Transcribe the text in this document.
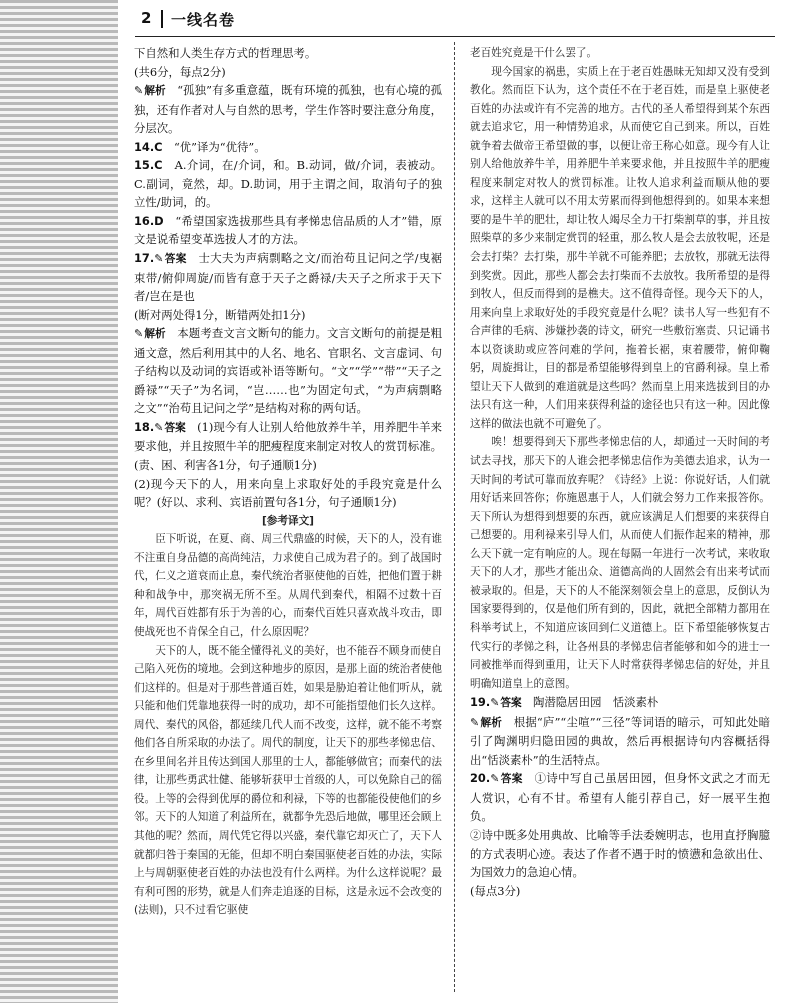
2 一线名卷

下自然和人类生存方式的哲理思考。

(共6分，每点2分)

✎解析　 “孤独”有多重意蕴，既有环境的孤独，也有心境的孤独，还有作者对人与自然的思考，学生作答时要注意分角度，分层次。

14.C　 “优”译为“优待”。

15.C　 A.介词，在/介词，和。B.动词，做/介词，表被动。C.副词，竟然，却。D.助词，用于主谓之间，取消句子的独立性/助词，的。

16.D　 “希望国家选拔那些具有孝悌忠信品质的人才”错，原文是说希望变革选拔人才的方法。

17.✎答案　 士大夫为声病剽略之文/而治苟且记问之学/曳裾束带/俯仰周旋/而皆有意于天子之爵禄/夫天子之所求于天下者/岂在是也

(断对两处得1分，断错两处扣1分)

✎解析　 本题考查文言文断句的能力。文言文断句的前提是粗通文意，然后利用其中的人名、地名、官职名、文言虚词、句子结构以及动词的宾语或补语等断句。“文”“学”“带”“天子之爵禄”“天子”为名词，“岂……也”为固定句式，“为声病剽略之文”“治苟且记问之学”是结构对称的两句话。

18.✎答案　 (1)现今有人让别人给他放养牛羊，用养肥牛羊来要求他，并且按照牛羊的肥瘦程度来制定对牧人的赏罚标准。(责、困、利害各1分，句子通顺1分)

(2)现今天下的人，用来向皇上求取好处的手段究竟是什么呢？(好以、求利、宾语前置句各1分，句子通顺1分)

[参考译文]

臣下听说，在夏、商、周三代鼎盛的时候，天下的人，没有谁不注重自身品德的高尚纯洁，力求使自己成为君子的。到了战国时代，仁义之道衰而止息，秦代统治者驱使他的百姓，把他们置于耕种和战争中，那突祸无所不至。从周代到秦代，相隔不过数十百年，周代百姓都有乐于为善的心，而秦代百姓只喜欢战斗攻击，即使战死也不肯保全自己，什么原因呢？

天下的人，既不能全懂得礼义的美好，也不能吞不顾身而使自己陷入死伤的境地。会到这种地步的原因，是那上面的统治者使他们这样的。但是对于那些普通百姓，如果是胁迫着让他们听从，就只能和他们凭靠地获得一时的成功，却不可能指望他们长久这样。周代、秦代的风俗，都延续几代人而不改变，这样，就不能不考察他们各自所采取的办法了。周代的制度，让天下的那些孝悌忠信、在乡里间名并且传达到国人那里的士人，都能够做官；而秦代的法律，让那些勇武壮健、能够斩获甲士首级的人，可以免除自己的徭役。上等的会得到优厚的爵位和利禄，下等的也都能役使他们的乡邻。天下的人知道了利益所在，就都争先恐后地做，哪里还会顾上其他的呢？然而，周代凭它得以兴盛，秦代靠它却灭亡了，天下人就都归咎于秦国的无能，但却不明白秦国驱使老百姓的办法，实际上与周朝驱使老百姓的办法也没有什么两样。为什么这样说呢？最有利可图的形势，就是人们奔走追逐的目标，这是永远不会改变的(法则)，只不过看它驱使

老百姓究竟是干什么罢了。

现今国家的祸患，实质上在于老百姓愚昧无知却又没有受到教化。然而臣下认为，这个责任不在于老百姓，而是皇上驱使老百姓的办法或许有不完善的地方。古代的圣人希望得到某个东西就去追求它，用一种情势追求，从而使它自己到来。所以，百姓就争着去做帝王希望做的事，以便让帝王称心如意。现今有人让别人给他放养牛羊，用养肥牛羊来要求他，并且按照牛羊的肥瘦程度来制定对牧人的赏罚标准。让牧人追求利益而顺从他的要求，这样主人就可以不用太劳累而得到他想得到的。如果本来想要的是牛羊的肥壮，却让牧人竭尽全力干打柴割草的事，并且按照柴草的多少来制定赏罚的轻重，那么牧人是会去放牧呢，还是会去打柴？去打柴，那牛羊就不可能养肥；去放牧，那就无法得到奖赏。因此，那些人都会去打柴而不去放牧。我所希望的是得到牧人，但反而得到的是樵夫。这不值得奇怪。现今天下的人，用来向皇上求取好处的手段究竟是什么呢？读书人写一些犯有不合声律的毛病、涉嫌抄袭的诗文，研究一些敷衍塞责、只记诵书本以资谈助或应答问难的学问，拖着长裾，束着腰带，俯仰鞠躬，周旋揖让，目的都是希望能够得到皇上的官爵利禄。皇上希望让天下人做到的难道就是这些吗？然而皇上用来选拔到目的办法只有这一种，人们用来获得利益的途径也只有这一种。因此像这样的做法也就不可避免了。

唉！想要得到天下那些孝悌忠信的人，却通过一天时间的考试去寻找，那天下的人谁会把孝悌忠信作为美德去追求，认为一天时间的考试可靠而放弃呢？《诗经》上说：你说好话，人们就用好话来回答你；你施恩惠于人，人们就会努力工作来报答你。天下所认为想得到想要的东西，就应该满足人们想要的来获得自己想要的。用利禄来引导人们，从而使人们振作起来的精神，那么天下就一定有响应的人。现在每隔一年进行一次考试，来收取天下的人才，那些才能出众、道德高尚的人固然会有出来考试而被录取的。但是，天下的人不能深刻领会皇上的意思，反倒认为国家要得到的，仅是他们所有到的，因此，就把全部精力都用在科举考试上，不知道应该回到仁义道德上。臣下希望能够恢复古代实行的孝悌之科，让各州县的孝悌忠信者能够和如今的进士一同被推举而得到重用，让天下人时常获得孝悌忠信的好处，并且明确知道皇上的意图。

19.✎答案　 陶潜隐居田园　恬淡素朴

✎解析　 根据“庐”“尘喧”“三径”等词语的暗示，可知此处暗引了陶渊明归隐田园的典故，然后再根据诗句内容概括得出“恬淡素朴”的生活特点。

20.✎答案　 ①诗中写自己虽居田园，但身怀文武之才而无人赏识，心有不甘。希望有人能引荐自己，好一展平生抱负。

②诗中既多处用典故、比喻等手法委婉明志，也用直抒胸臆的方式表明心迹。表达了作者不遇于时的愤懑和急欲出仕、为国效力的急迫心情。

(每点3分)
